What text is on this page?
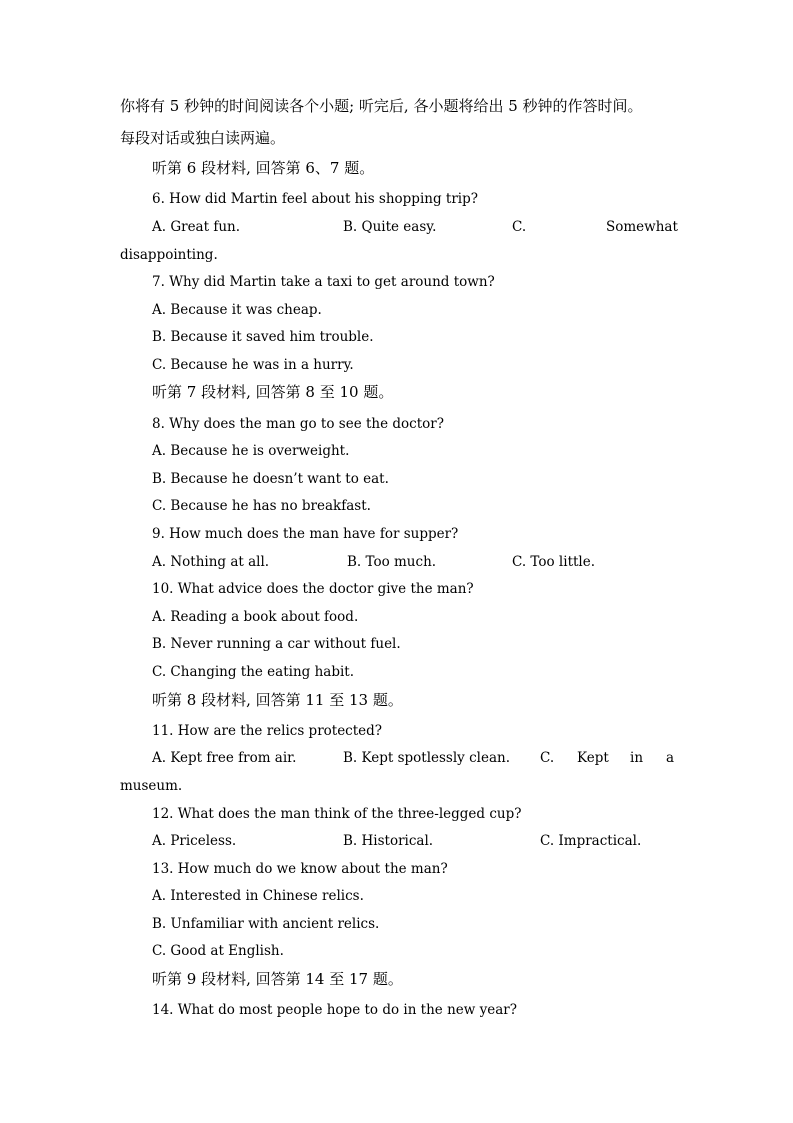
你将有 5 秒钟的时间阅读各个小题; 听完后, 各小题将给出 5 秒钟的作答时间。
每段对话或独白读两遍。
听第 6 段材料, 回答第 6、7 题。
6. How did Martin feel about his shopping trip?
A. Great fun.	B. Quite easy.	C.	Somewhat
disappointing.
7. Why did Martin take a taxi to get around town?
A. Because it was cheap.
B. Because it saved him trouble.
C. Because he was in a hurry.
听第 7 段材料, 回答第 8 至 10 题。
8. Why does the man go to see the doctor?
A. Because he is overweight.
B. Because he doesn’t want to eat.
C. Because he has no breakfast.
9. How much does the man have for supper?
A. Nothing at all.	B. Too much.	C. Too little.
10. What advice does the doctor give the man?
A. Reading a book about food.
B. Never running a car without fuel.
C. Changing the eating habit.
听第 8 段材料, 回答第 11 至 13 题。
11. How are the relics protected?
A. Kept free from air.	B. Kept spotlessly clean. C. Kept in a
museum.
12. What does the man think of the three-legged cup?
A. Priceless.	B. Historical.	C. Impractical.
13. How much do we know about the man?
A. Interested in Chinese relics.
B. Unfamiliar with ancient relics.
C. Good at English.
听第 9 段材料, 回答第 14 至 17 题。
14. What do most people hope to do in the new year?
